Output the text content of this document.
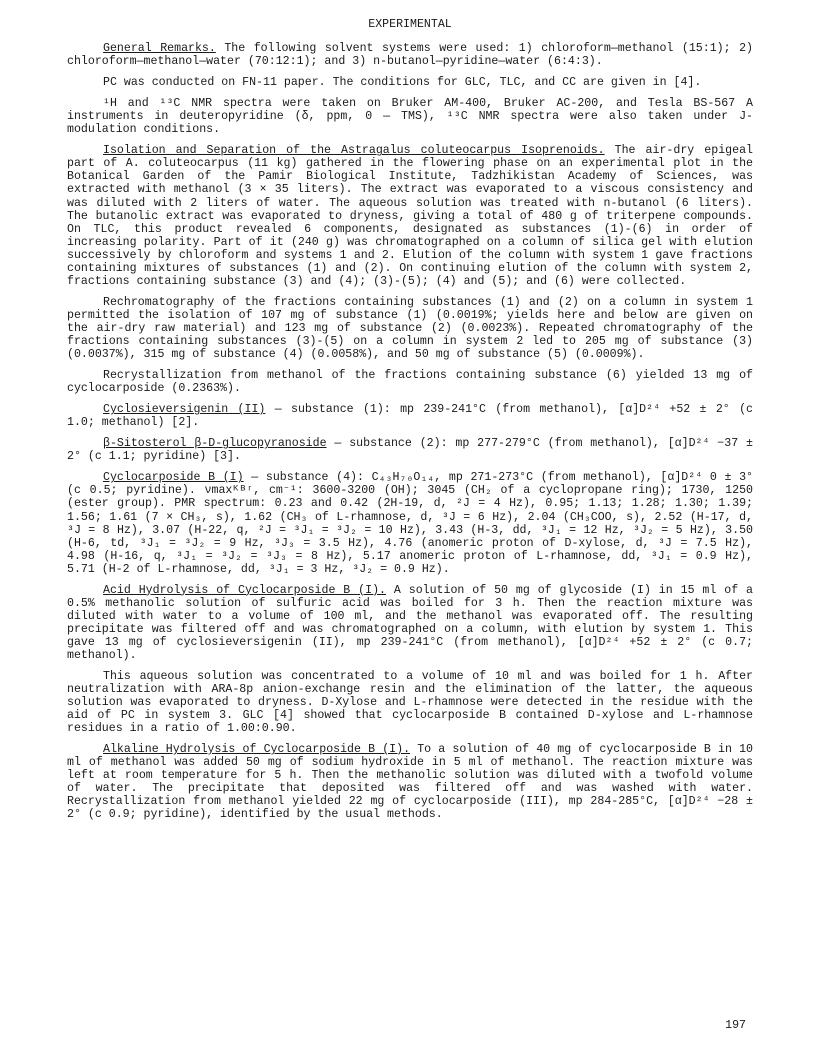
EXPERIMENTAL

General Remarks. The following solvent systems were used: 1) chloroform—methanol (15:1); 2) chloroform—methanol—water (70:12:1); and 3) n-butanol—pyridine—water (6:4:3).

PC was conducted on FN-11 paper. The conditions for GLC, TLC, and CC are given in [4].

¹H and ¹³C NMR spectra were taken on Bruker AM-400, Bruker AC-200, and Tesla BS-567 A instruments in deuteropyridine (δ, ppm, 0 — TMS), ¹³C NMR spectra were also taken under J-modulation conditions.

Isolation and Separation of the Astragalus coluteocarpus Isoprenoids. The air-dry epigeal part of A. coluteocarpus (11 kg) gathered in the flowering phase on an experimental plot in the Botanical Garden of the Pamir Biological Institute, Tadzhikistan Academy of Sciences, was extracted with methanol (3 × 35 liters). The extract was evaporated to a viscous consistency and was diluted with 2 liters of water. The aqueous solution was treated with n-butanol (6 liters). The butanolic extract was evaporated to dryness, giving a total of 480 g of triterpene compounds. On TLC, this product revealed 6 components, designated as substances (1)-(6) in order of increasing polarity. Part of it (240 g) was chromatographed on a column of silica gel with elution successively by chloroform and systems 1 and 2. Elution of the column with system 1 gave fractions containing mixtures of substances (1) and (2). On continuing elution of the column with system 2, fractions containing substance (3) and (4); (3)-(5); (4) and (5); and (6) were collected.

Rechromatography of the fractions containing substances (1) and (2) on a column in system 1 permitted the isolation of 107 mg of substance (1) (0.0019%; yields here and below are given on the air-dry raw material) and 123 mg of substance (2) (0.0023%). Repeated chromatography of the fractions containing substances (3)-(5) on a column in system 2 led to 205 mg of substance (3) (0.0037%), 315 mg of substance (4) (0.0058%), and 50 mg of substance (5) (0.0009%).

Recrystallization from methanol of the fractions containing substance (6) yielded 13 mg of cyclocarposide (0.2363%).

Cyclosieversigenin (II) — substance (1): mp 239-241°C (from methanol), [α]D²⁴ +52 ± 2° (c 1.0; methanol) [2].

β-Sitosterol β-D-glucopyranoside — substance (2): mp 277-279°C (from methanol), [α]D²⁴ −37 ± 2° (c 1.1; pyridine) [3].

Cyclocarposide B (I) — substance (4): C₄₃H₇₀O₁₄, mp 271-273°C (from methanol), [α]D²⁴ 0 ± 3° (c 0.5; pyridine). νmaxᴷᴮʳ, cm⁻¹: 3600-3200 (OH); 3045 (CH₂ of a cyclopropane ring); 1730, 1250 (ester group). PMR spectrum: 0.23 and 0.42 (2H-19, d, ²J = 4 Hz), 0.95; 1.13; 1.28; 1.30; 1.39; 1.56; 1.61 (7 × CH₃, s), 1.62 (CH₃ of L-rhamnose, d, ³J = 6 Hz), 2.04 (CH₃COO, s), 2.52 (H-17, d, ³J = 8 Hz), 3.07 (H-22, q, ²J = ³J₁ = ³J₂ = 10 Hz), 3.43 (H-3, dd, ³J₁ = 12 Hz, ³J₂ = 5 Hz), 3.50 (H-6, td, ³J₁ = ³J₂ = 9 Hz, ³J₃ = 3.5 Hz), 4.76 (anomeric proton of D-xylose, d, ³J = 7.5 Hz), 4.98 (H-16, q, ³J₁ = ³J₂ = ³J₃ = 8 Hz), 5.17 anomeric proton of L-rhamnose, dd, ³J₁ = 0.9 Hz), 5.71 (H-2 of L-rhamnose, dd, ³J₁ = 3 Hz, ³J₂ = 0.9 Hz).

Acid Hydrolysis of Cyclocarposide B (I). A solution of 50 mg of glycoside (I) in 15 ml of a 0.5% methanolic solution of sulfuric acid was boiled for 3 h. Then the reaction mixture was diluted with water to a volume of 100 ml, and the methanol was evaporated off. The resulting precipitate was filtered off and was chromatographed on a column, with elution by system 1. This gave 13 mg of cyclosieversigenin (II), mp 239-241°C (from methanol), [α]D²⁴ +52 ± 2° (c 0.7; methanol).

This aqueous solution was concentrated to a volume of 10 ml and was boiled for 1 h. After neutralization with ARA-8p anion-exchange resin and the elimination of the latter, the aqueous solution was evaporated to dryness. D-Xylose and L-rhamnose were detected in the residue with the aid of PC in system 3. GLC [4] showed that cyclocarposide B contained D-xylose and L-rhamnose residues in a ratio of 1.00:0.90.

Alkaline Hydrolysis of Cyclocarposide B (I). To a solution of 40 mg of cyclocarposide B in 10 ml of methanol was added 50 mg of sodium hydroxide in 5 ml of methanol. The reaction mixture was left at room temperature for 5 h. Then the methanolic solution was diluted with a twofold volume of water. The precipitate that deposited was filtered off and was washed with water. Recrystallization from methanol yielded 22 mg of cyclocarposide (III), mp 284-285°C, [α]D²⁴ −28 ± 2° (c 0.9; pyridine), identified by the usual methods.

197
